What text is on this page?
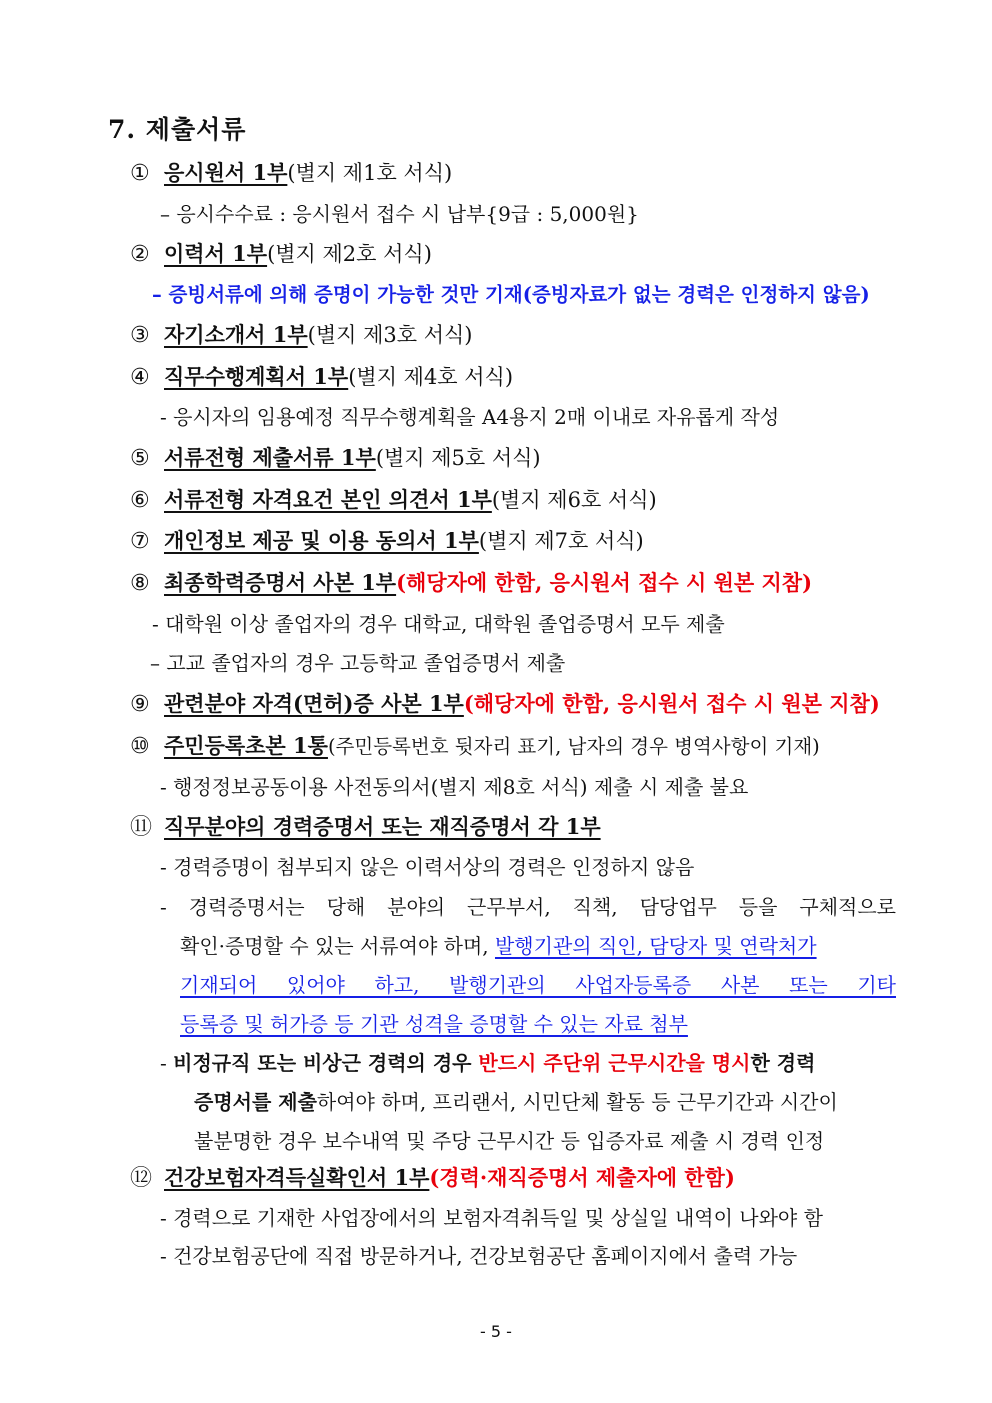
7. 제출서류
① 응시원서 1부(별지 제1호 서식)
– 응시수수료 : 응시원서 접수 시 납부{9급 : 5,000원}
② 이력서 1부(별지 제2호 서식)
– 증빙서류에 의해 증명이 가능한 것만 기재(증빙자료가 없는 경력은 인정하지 않음)
③ 자기소개서 1부(별지 제3호 서식)
④ 직무수행계획서 1부(별지 제4호 서식)
- 응시자의 임용예정 직무수행계획을 A4용지 2매 이내로 자유롭게 작성
⑤ 서류전형 제출서류 1부(별지 제5호 서식)
⑥ 서류전형 자격요건 본인 의견서 1부(별지 제6호 서식)
⑦ 개인정보 제공 및 이용 동의서 1부(별지 제7호 서식)
⑧ 최종학력증명서 사본 1부(해당자에 한함, 응시원서 접수 시 원본 지참)
- 대학원 이상 졸업자의 경우 대학교, 대학원 졸업증명서 모두 제출
– 고교 졸업자의 경우 고등학교 졸업증명서 제출
⑨ 관련분야 자격(면허)증 사본 1부(해당자에 한함, 응시원서 접수 시 원본 지참)
⑩ 주민등록초본 1통(주민등록번호 뒷자리 표기, 남자의 경우 병역사항이 기재)
- 행정정보공동이용 사전동의서(별지 제8호 서식) 제출 시 제출 불요
⑪ 직무분야의 경력증명서 또는 재직증명서 각 1부
- 경력증명이 첨부되지 않은 이력서상의 경력은 인정하지 않음
- 경력증명서는 당해 분야의 근무부서, 직책, 담당업무 등을 구체적으로
확인·증명할 수 있는 서류여야 하며, 발행기관의 직인, 담당자 및 연락처가
기재되어 있어야 하고, 발행기관의 사업자등록증 사본 또는 기타
등록증 및 허가증 등 기관 성격을 증명할 수 있는 자료 첨부
- 비정규직 또는 비상근 경력의 경우 반드시 주단위 근무시간을 명시한 경력
증명서를 제출하여야 하며, 프리랜서, 시민단체 활동 등 근무기간과 시간이
불분명한 경우 보수내역 및 주당 근무시간 등 입증자료 제출 시 경력 인정
⑫ 건강보험자격득실확인서 1부(경력·재직증명서 제출자에 한함)
- 경력으로 기재한 사업장에서의 보험자격취득일 및 상실일 내역이 나와야 함
- 건강보험공단에 직접 방문하거나, 건강보험공단 홈페이지에서 출력 가능
- 5 -
